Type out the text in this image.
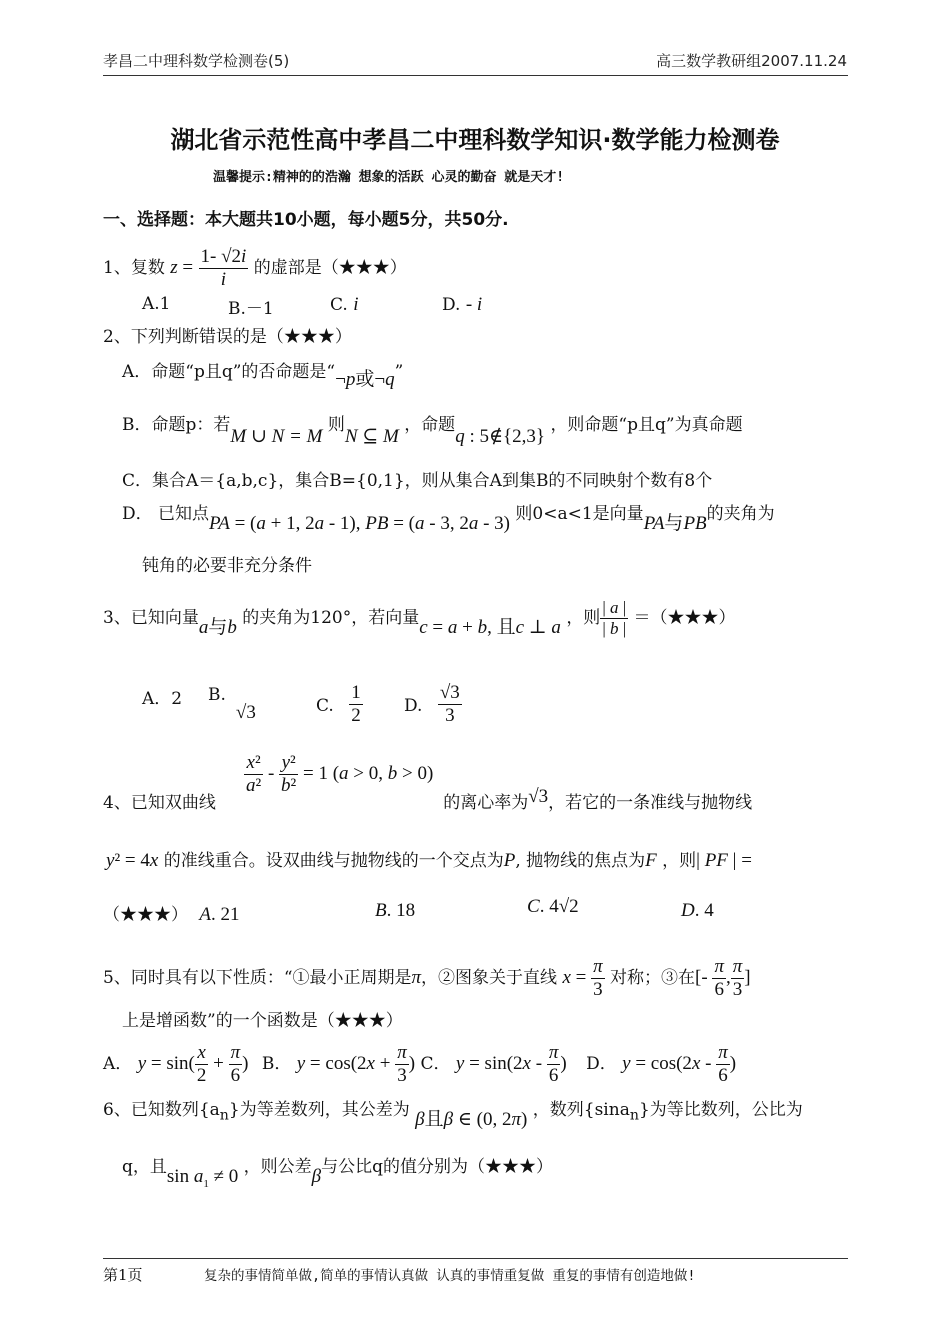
孝昌二中理科数学检测卷(5)	高三数学教研组2007.11.24
湖北省示范性高中孝昌二中理科数学知识·数学能力检测卷
温馨提示:精神的的浩瀚 想象的活跃 心灵的勤奋 就是天才!
一、选择题：本大题共10小题，每小题5分，共50分.
1、复数 $z = \frac{1- √2i}{i}$ 的虚部是（★★★）
A.1	B.－1	C. i	D. - i
2、下列判断错误的是（★★★）
A．命题“p且q”的否命题是“¬p或¬q”
B．命题p：若M ∪ N = M 则N ⊆ M ，命题q : 5∉{2,3} ，则命题“p且q”为真命题
C．集合A＝{a,b,c}，集合B={0,1}，则从集合A到集B的不同映射个数有8个
D． 已知点PA = (a + 1, 2a - 1), PB = (a - 3, 2a - 3) 则0<a<1是向量PA与PB的夹角为
钝角的必要非充分条件
3、已知向量a与b 的夹角为120°，若向量c = a + b, 且c ⊥ a ，则 $\frac{| a |}{| b |}$ ＝（★★★）
A．2 B.√3	C. $\frac{1}{2} D$. $\frac{√3}{3}$
$\frac{\text{x²}}{\text{a²}} - \frac{\text{y²}}{\text{b²}} = 1$ (a > 0, b > 0)
4、已知双曲线	的离心率为√3，若它的一条准线与抛物线
y² = 4x 的准线重合。设双曲线与抛物线的一个交点为P, 抛物线的焦点为F ，则| PF | =
（★★★） A. 21	B. 18	C. 4√2	D. 4
5、同时具有以下性质：“①最小正周期是π，②图象关于直线 $x = \frac{\pi}{3}$ 对称；③在[- $\frac{\pi}{6}$ , $\frac{\pi}{3}$ ]
上是增函数”的一个函数是（★★★）
A． $y = \sin( \frac{x}{2} + \frac{\pi}{6}$ ) B． $y = \cos(2x + \frac{\pi}{3}$ ) C． $y = \sin(2x - \frac{\pi}{6}$ ) D． $y = \cos(2x - \frac{\pi}{6}$ )
6、已知数列$\{a_n\}$为等差数列，其公差为 β且β ∈ (0, 2π) ，数列{sina$_n$}为等比数列，公比为
q，且$\sin a_1 \ne 0$ ，则公差β与公比q的值分别为（★★★）
第1页	复杂的事情简单做,简单的事情认真做 认真的事情重复做 重复的事情有创造地做!
